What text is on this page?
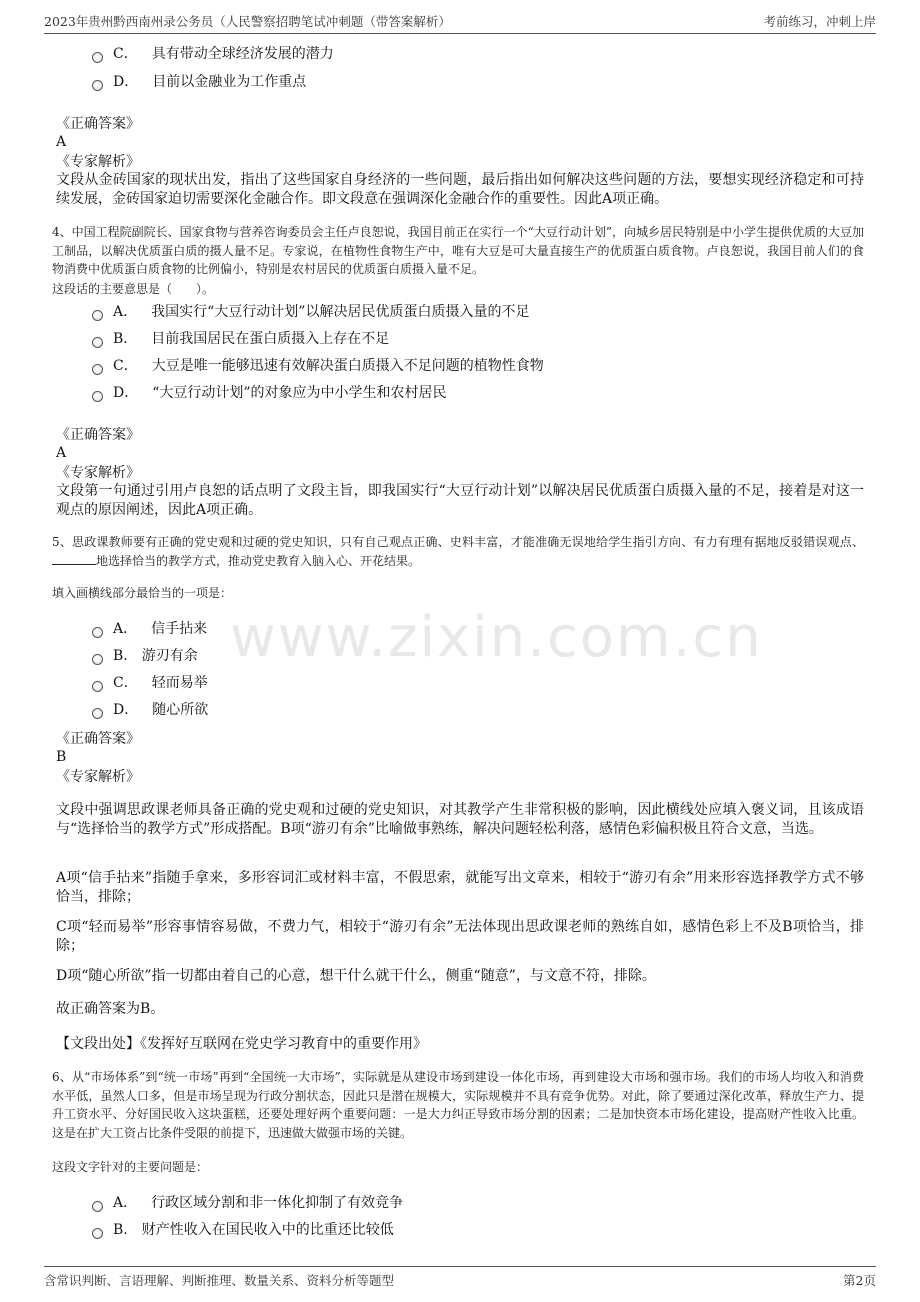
2023年贵州黔西南州录公务员（人民警察招聘笔试冲刺题（带答案解析）	考前练习，冲刺上岸
www.zixin.com.cn
C． 具有带动全球经济发展的潜力
D． 目前以金融业为工作重点
《正确答案》
A
《专家解析》
文段从金砖国家的现状出发，指出了这些国家自身经济的一些问题，最后指出如何解决这些问题的方法，要想实现经济稳定和可持续发展，金砖国家迫切需要深化金融合作。即文段意在强调深化金融合作的重要性。因此A项正确。
4、中国工程院副院长、国家食物与营养咨询委员会主任卢良恕说，我国目前正在实行一个“大豆行动计划”，向城乡居民特别是中小学生提供优质的大豆加工制品，以解决优质蛋白质的摄人量不足。专家说，在植物性食物生产中，唯有大豆是可大量直接生产的优质蛋白质食物。卢良恕说，我国目前人们的食物消费中优质蛋白质食物的比例偏小，特别是农村居民的优质蛋白质摄入量不足。
这段话的主要意思是（　　）。
A． 我国实行“大豆行动计划”以解决居民优质蛋白质摄入量的不足
B． 目前我国居民在蛋白质摄入上存在不足
C． 大豆是唯一能够迅速有效解决蛋白质摄入不足问题的植物性食物
D． “大豆行动计划”的对象应为中小学生和农村居民
《正确答案》
A
《专家解析》
文段第一句通过引用卢良恕的话点明了文段主旨，即我国实行“大豆行动计划”以解决居民优质蛋白质摄入量的不足，接着是对这一观点的原因阐述，因此A项正确。
5、思政课教师要有正确的党史观和过硬的党史知识，只有自己观点正确、史料丰富，才能准确无误地给学生指引方向、有力有理有据地反驳错误观点、地选择恰当的教学方式，推动党史教育入脑入心、开花结果。
填入画横线部分最恰当的一项是：
A． 信手拈来
B. 游刃有余
C． 轻而易举
D． 随心所欲
《正确答案》
B
《专家解析》
文段中强调思政课老师具备正确的党史观和过硬的党史知识，对其教学产生非常积极的影响，因此横线处应填入褒义词，且该成语与“选择恰当的教学方式”形成搭配。B项“游刃有余”比喻做事熟练，解决问题轻松利落，感情色彩偏积极且符合文意，当选。
A项“信手拈来”指随手拿来，多形容词汇或材料丰富，不假思索，就能写出文章来，相较于“游刃有余”用来形容选择教学方式不够恰当，排除；
C项“轻而易举”形容事情容易做，不费力气，相较于“游刃有余”无法体现出思政课老师的熟练自如，感情色彩上不及B项恰当，排除；
D项“随心所欲”指一切都由着自己的心意，想干什么就干什么，侧重“随意”，与文意不符，排除。
故正确答案为B。
【文段出处】《发挥好互联网在党史学习教育中的重要作用》
6、从“市场体系”到“统一市场”再到“全国统一大市场”，实际就是从建设市场到建设一体化市场，再到建设大市场和强市场。我们的市场人均收入和消费水平低，虽然人口多，但是市场呈现为行政分割状态，因此只是潜在规模大，实际规模并不具有竞争优势。对此，除了要通过深化改革，释放生产力、提升工资水平、分好国民收入这块蛋糕，还要处理好两个重要问题：一是大力纠正导致市场分割的因素；二是加快资本市场化建设，提高财产性收入比重。这是在扩大工资占比条件受限的前提下，迅速做大做强市场的关键。
这段文字针对的主要问题是：
A． 行政区域分割和非一体化抑制了有效竞争
B. 财产性收入在国民收入中的比重还比较低
含常识判断、言语理解、判断推理、数量关系、资料分析等题型	第2页
